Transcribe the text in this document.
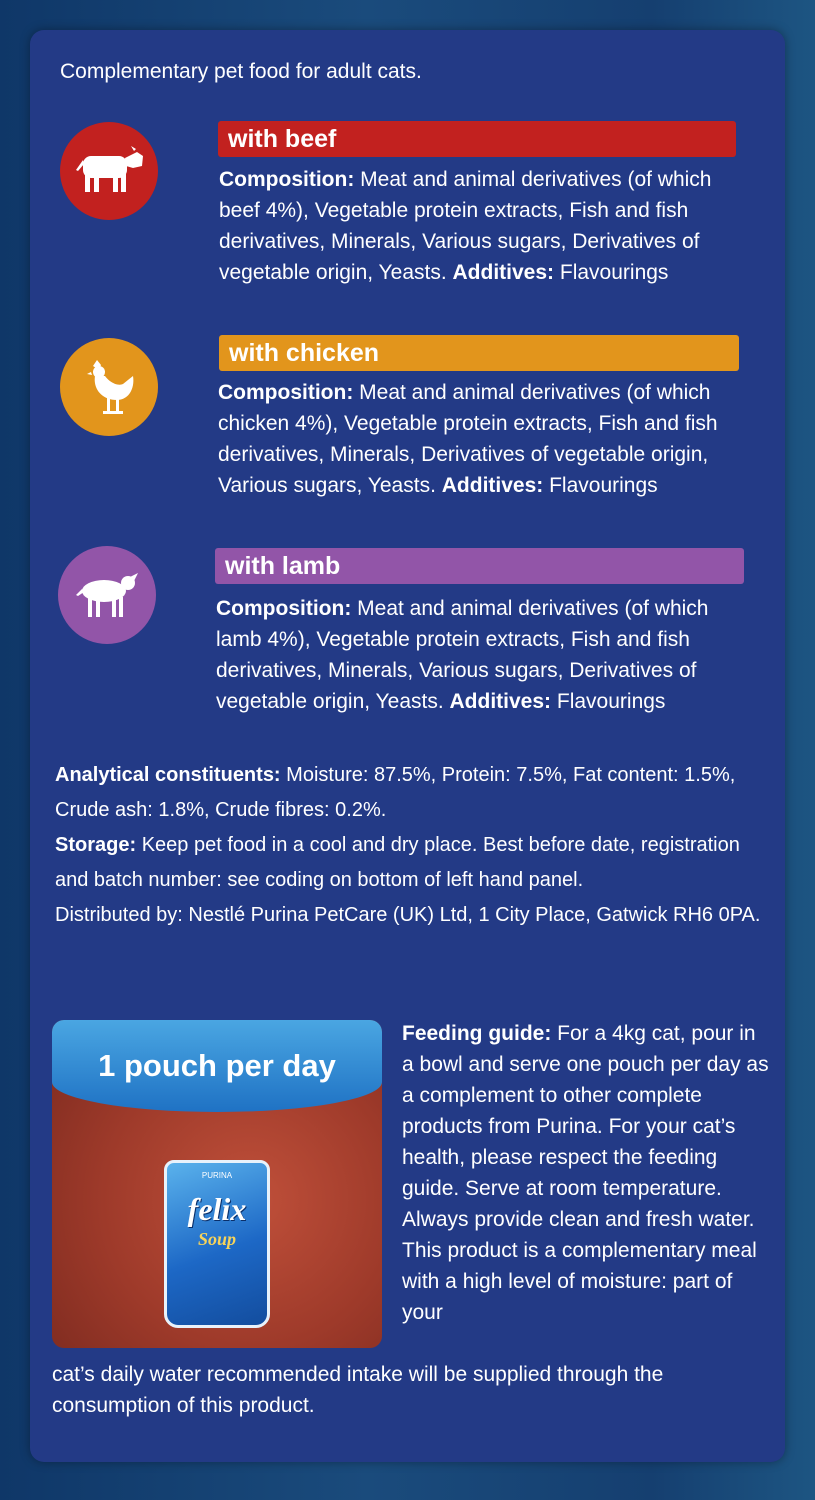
Complementary pet food for adult cats.
with beef
Composition: Meat and animal derivatives (of which beef 4%), Vegetable protein extracts, Fish and fish derivatives, Minerals, Various sugars, Derivatives of vegetable origin, Yeasts. Additives: Flavourings
with chicken
Composition: Meat and animal derivatives (of which chicken 4%), Vegetable protein extracts, Fish and fish derivatives, Minerals, Derivatives of vegetable origin, Various sugars, Yeasts. Additives: Flavourings
with lamb
Composition: Meat and animal derivatives (of which lamb 4%), Vegetable protein extracts, Fish and fish derivatives, Minerals, Various sugars, Derivatives of vegetable origin, Yeasts. Additives: Flavourings
Analytical constituents: Moisture: 87.5%, Protein: 7.5%, Fat content: 1.5%, Crude ash: 1.8%, Crude fibres: 0.2%.
Storage: Keep pet food in a cool and dry place. Best before date, registration and batch number: see coding on bottom of left hand panel.
Distributed by: Nestlé Purina PetCare (UK) Ltd, 1 City Place, Gatwick RH6 0PA.
1 pouch per day
PURINA
felix
Soup
Feeding guide: For a 4kg cat, pour in a bowl and serve one pouch per day as a complement to other complete products from Purina. For your cat’s health, please respect the feeding guide. Serve at room temperature. Always provide clean and fresh water. This product is a complementary meal with a high level of moisture: part of your
cat’s daily water recommended intake will be supplied through the consumption of this product.
